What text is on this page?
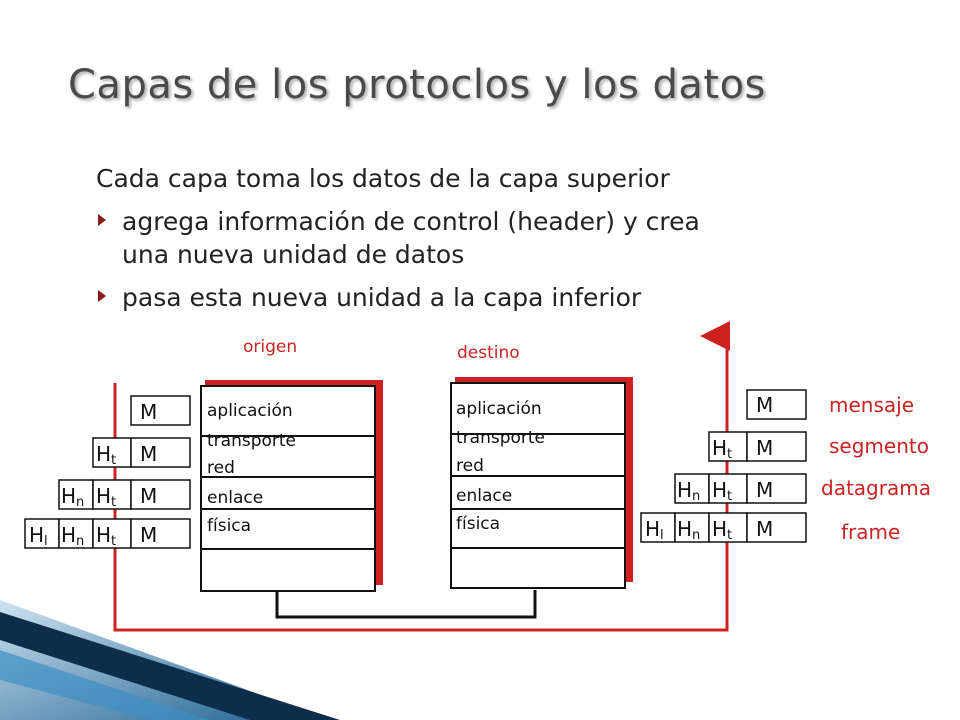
Capas de los protoclos y los datos
Cada capa toma los datos de la capa superior
agrega información de control (header) y crea
una nueva unidad de datos
pasa esta nueva unidad a la capa inferior
origen	destino
aplicación
transporte
red
enlace
física
aplicación
transporte
red
enlace
física
M
Ht M
Hn Ht M
Hl Hn Ht M
M
Ht M
Hn Ht M
Hl Hn Ht M
mensaje
segmento
datagrama
frame
